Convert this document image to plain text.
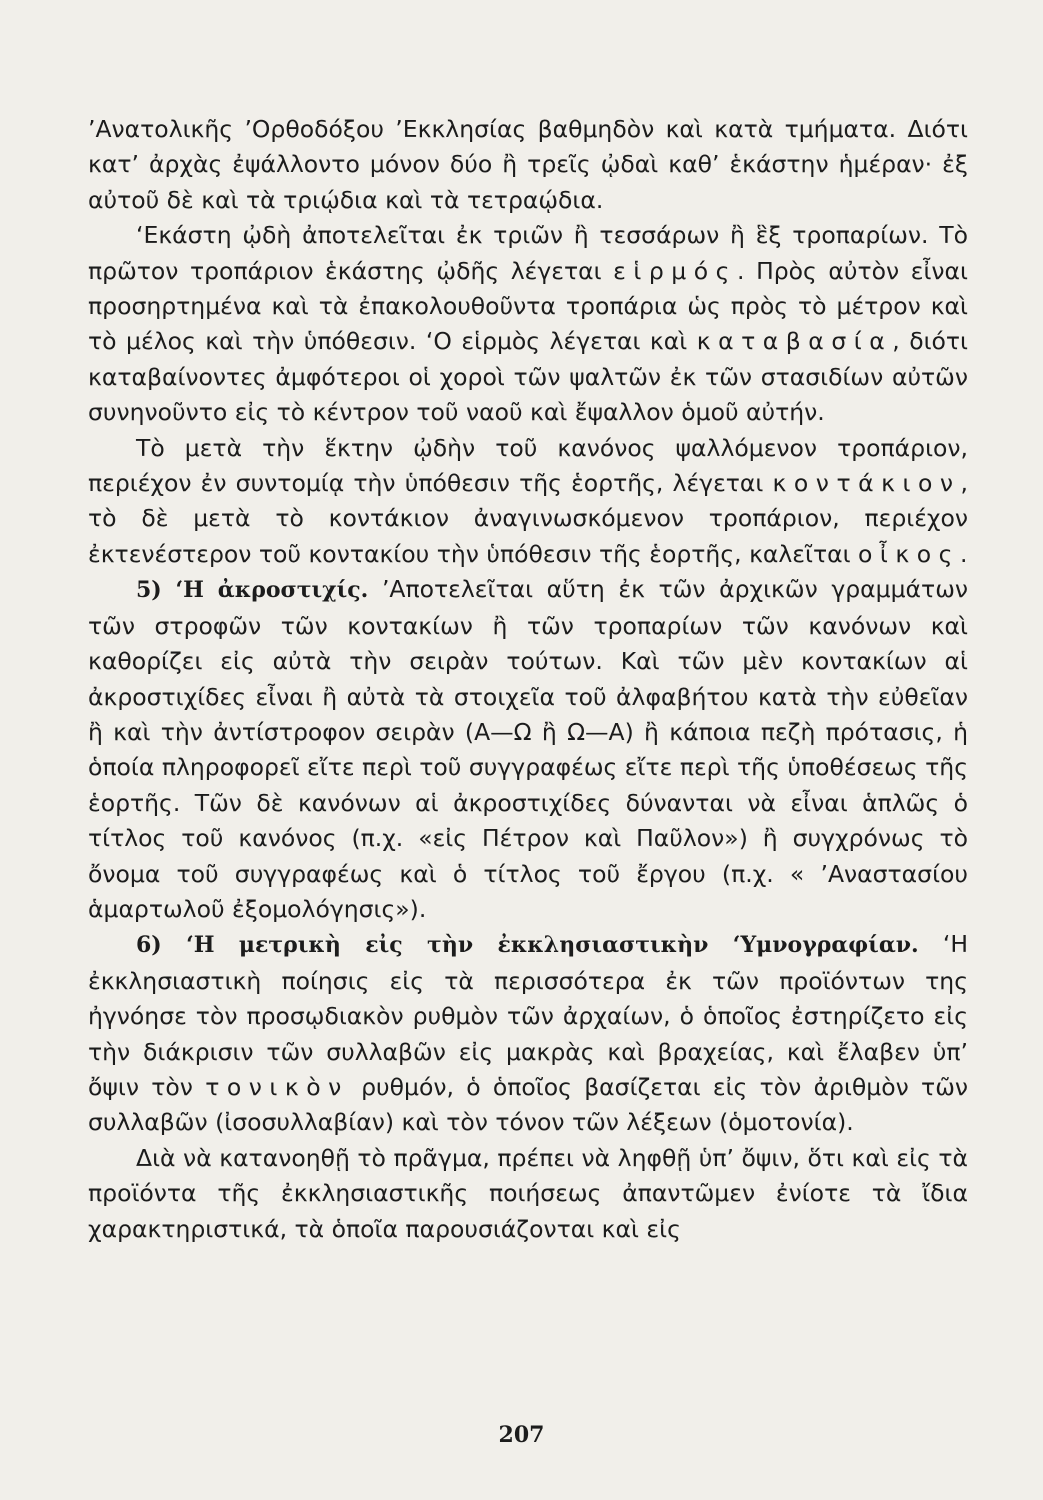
’Ανατολικῆς ’Ορθοδόξου ’Εκκλησίας βαθμηδὸν καὶ κατὰ τμήματα. Διότι κατ’ ἀρχὰς ἐψάλλοντο μόνον δύο ἢ τρεῖς ᾠδαὶ καθ’ ἑκάστην ἡμέραν· ἐξ αὐτοῦ δὲ καὶ τὰ τριῴδια καὶ τὰ τετραῴδια.

‘Εκάστη ᾠδὴ ἀποτελεῖται ἐκ τριῶν ἢ τεσσάρων ἢ ἓξ τροπαρίων. Τὸ πρῶτον τροπάριον ἑκάστης ᾠδῆς λέγεται εἱρμός. Πρὸς αὐτὸν εἶναι προσηρτημένα καὶ τὰ ἐπακολουθοῦντα τροπάρια ὡς πρὸς τὸ μέτρον καὶ τὸ μέλος καὶ τὴν ὑπόθεσιν. ‘Ο εἱρμὸς λέγεται καὶ καταβασία, διότι καταβαίνοντες ἀμφότεροι οἱ χοροὶ τῶν ψαλτῶν ἐκ τῶν στασιδίων αὐτῶν συνηνοῦντο εἰς τὸ κέντρον τοῦ ναοῦ καὶ ἔψαλλον ὁμοῦ αὐτήν.

Τὸ μετὰ τὴν ἕκτην ᾠδὴν τοῦ κανόνος ψαλλόμενον τροπάριον, περιέχον ἐν συντομίᾳ τὴν ὑπόθεσιν τῆς ἑορτῆς, λέγεται κοντάκιον, τὸ δὲ μετὰ τὸ κοντάκιον ἀναγινωσκόμενον τροπάριον, περιέχον ἐκτενέστερον τοῦ κοντακίου τὴν ὑπόθεσιν τῆς ἑορτῆς, καλεῖται οἶκος.

5) ‘Η ἀκροστιχίς. ’Αποτελεῖται αὕτη ἐκ τῶν ἀρχικῶν γραμμάτων τῶν στροφῶν τῶν κοντακίων ἢ τῶν τροπαρίων τῶν κανόνων καὶ καθορίζει εἰς αὐτὰ τὴν σειρὰν τούτων. Καὶ τῶν μὲν κοντακίων αἱ ἀκροστιχίδες εἶναι ἢ αὐτὰ τὰ στοιχεῖα τοῦ ἀλφαβήτου κατὰ τὴν εὐθεῖαν ἢ καὶ τὴν ἀντίστροφον σειρὰν (Α—Ω ἢ Ω—Α) ἢ κάποια πεζὴ πρότασις, ἡ ὁποία πληροφορεῖ εἴτε περὶ τοῦ συγγραφέως εἴτε περὶ τῆς ὑποθέσεως τῆς ἑορτῆς. Τῶν δὲ κανόνων αἱ ἀκροστιχίδες δύνανται νὰ εἶναι ἁπλῶς ὁ τίτλος τοῦ κανόνος (π.χ. «εἰς Πέτρον καὶ Παῦλον») ἢ συγχρόνως τὸ ὄνομα τοῦ συγγραφέως καὶ ὁ τίτλος τοῦ ἔργου (π.χ. « ’Αναστασίου ἁμαρτωλοῦ ἐξομολόγησις»).

6) ‘Η μετρικὴ εἰς τὴν ἐκκλησιαστικὴν ‘Υμνογραφίαν. ‘Η ἐκκλησιαστικὴ ποίησις εἰς τὰ περισσότερα ἐκ τῶν προϊόντων της ἠγνόησε τὸν προσῳδιακὸν ρυθμὸν τῶν ἀρχαίων, ὁ ὁποῖος ἐστηρίζετο εἰς τὴν διάκρισιν τῶν συλλαβῶν εἰς μακρὰς καὶ βραχείας, καὶ ἔλαβεν ὑπ’ ὄψιν τὸν τονικὸν ρυθμόν, ὁ ὁποῖος βασίζεται εἰς τὸν ἀριθμὸν τῶν συλλαβῶν (ἰσοσυλλαβίαν) καὶ τὸν τόνον τῶν λέξεων (ὁμοτονία).

Διὰ νὰ κατανοηθῇ τὸ πρᾶγμα, πρέπει νὰ ληφθῇ ὑπ’ ὄψιν, ὅτι καὶ εἰς τὰ προϊόντα τῆς ἐκκλησιαστικῆς ποιήσεως ἀπαντῶμεν ἐνίοτε τὰ ἴδια χαρακτηριστικά, τὰ ὁποῖα παρουσιάζονται καὶ εἰς

207
